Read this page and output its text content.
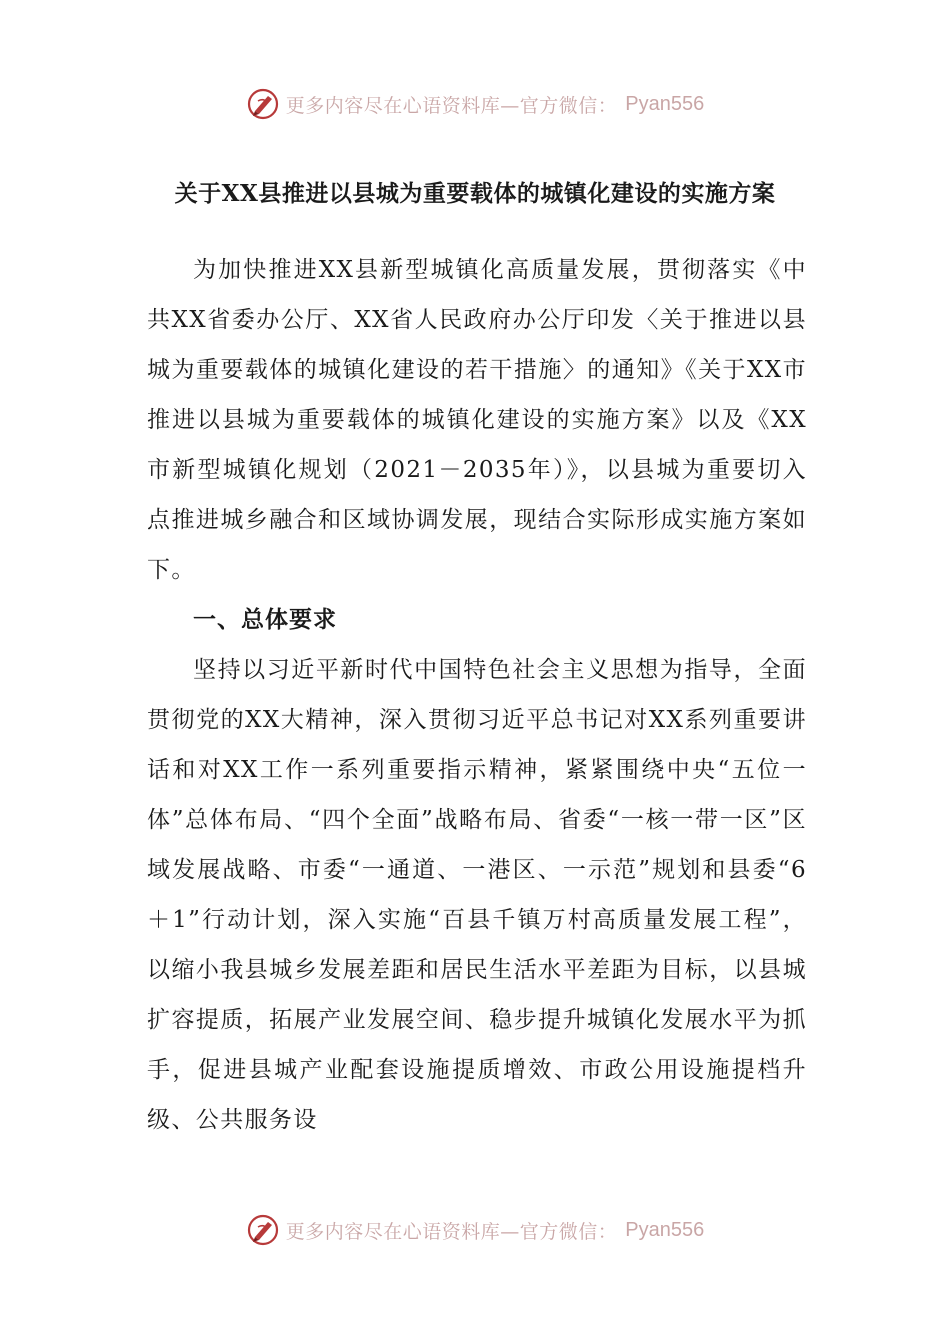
更多内容尽在心语资料库—官方微信： Pyan556
关于XX县推进以县城为重要载体的城镇化建设的实施方案

为加快推进XX县新型城镇化高质量发展，贯彻落实《中共XX省委办公厅、XX省人民政府办公厅印发〈关于推进以县城为重要载体的城镇化建设的若干措施〉的通知》《关于XX市推进以县城为重要载体的城镇化建设的实施方案》以及《XX市新型城镇化规划（2021－2035年）》，以县城为重要切入点推进城乡融合和区域协调发展，现结合实际形成实施方案如下。

一、总体要求

坚持以习近平新时代中国特色社会主义思想为指导，全面贯彻党的XX大精神，深入贯彻习近平总书记对XX系列重要讲话和对XX工作一系列重要指示精神，紧紧围绕中央“五位一体”总体布局、“四个全面”战略布局、省委“一核一带一区”区域发展战略、市委“一通道、一港区、一示范”规划和县委“6＋1”行动计划，深入实施“百县千镇万村高质量发展工程”，以缩小我县城乡发展差距和居民生活水平差距为目标，以县城扩容提质，拓展产业发展空间、稳步提升城镇化发展水平为抓手，促进县城产业配套设施提质增效、市政公用设施提档升级、公共服务设

更多内容尽在心语资料库—官方微信： Pyan556
